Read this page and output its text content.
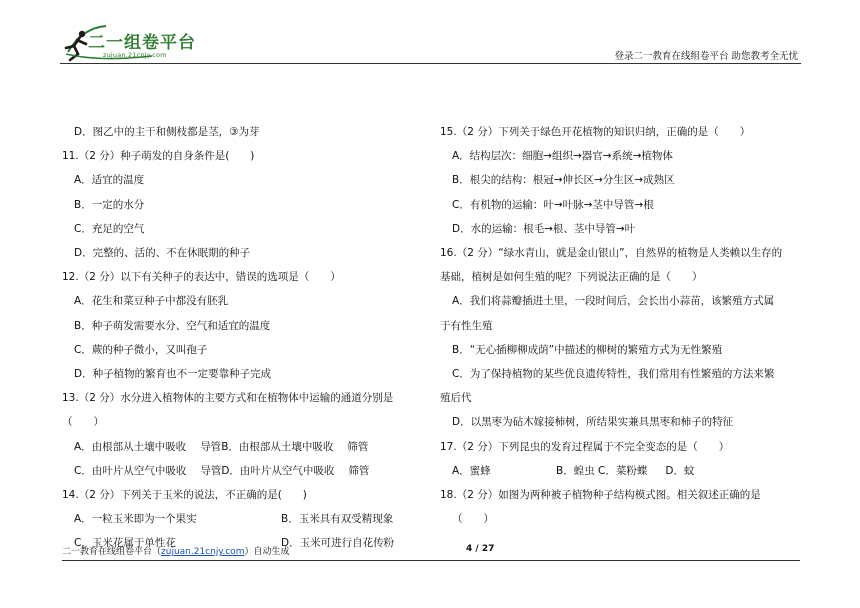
二一组卷平台
zujuan.21cnjy.com	登录二一教育在线组卷平台 助您教考全无忧
D．图乙中的主干和侧枝都是茎，③为芽
11.（2 分）种子萌发的自身条件是(　　)
A．适宜的温度
B．一定的水分
C．充足的空气
D．完整的、活的、不在休眠期的种子
12.（2 分）以下有关种子的表达中，错误的选项是（　　）
A．花生和菜豆种子中都没有胚乳
B．种子萌发需要水分、空气和适宜的温度
C．蕨的种子微小，又叫孢子
D．种子植物的繁育也不一定要靠种子完成
13.（2 分）水分进入植物体的主要方式和在植物体中运输的通道分别是
（　　）
A．由根部从土壤中吸收 导管B．由根部从土壤中吸收 筛管
C．由叶片从空气中吸收 导管D．由叶片从空气中吸收 筛管
14.（2 分）下列关于玉米的说法，不正确的是(　　)
A．一粒玉米即为一个果实	B．玉米具有双受精现象
C．玉米花属于单性花	D．玉米可进行自花传粉
15.（2 分）下列关于绿色开花植物的知识归纳，正确的是（　　）
A．结构层次：细胞→组织→器官→系统→植物体
B．根尖的结构：根冠→伸长区→分生区→成熟区
C．有机物的运输：叶→叶脉→茎中导管→根
D．水的运输：根毛→根、茎中导管→叶
16.（2 分）“绿水青山，就是金山银山”，自然界的植物是人类赖以生存的
基础，植树是如何生殖的呢？下列说法正确的是（　　）
A．我们将蒜瓣插进土里，一段时间后，会长出小蒜苗，该繁殖方式属
于有性生殖
B．“无心插柳柳成荫”中描述的柳树的繁殖方式为无性繁殖
C．为了保持植物的某些优良遗传特性，我们常用有性繁殖的方法来繁
殖后代
D．以黑枣为砧木嫁接柿树，所结果实兼具黑枣和柿子的特征
17.（2 分）下列昆虫的发育过程属于不完全变态的是（　　）
A．蜜蜂	B．蝗虫 C．菜粉蝶 D．蚊
18.（2 分）如图为两种被子植物种子结构模式图。相关叙述正确的是
（　　）
二一教育在线组卷平台（zujuan.21cnjy.com）自动生成	4 / 27
